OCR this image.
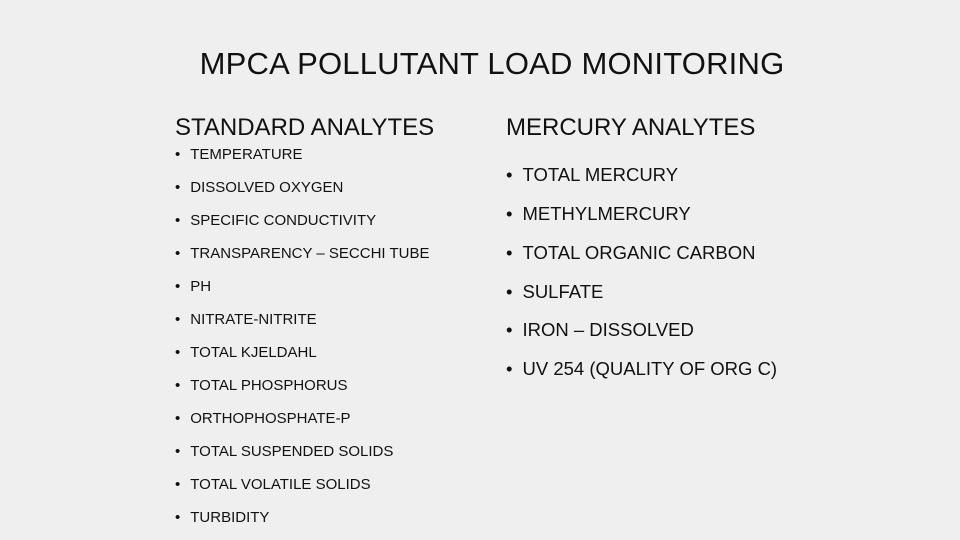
MPCA POLLUTANT LOAD MONITORING
STANDARD ANALYTES	MERCURY ANALYTES
• TEMPERATURE
• DISSOLVED OXYGEN
• SPECIFIC CONDUCTIVITY
• TRANSPARENCY – SECCHI TUBE
• PH
• NITRATE-NITRITE
• TOTAL KJELDAHL
• TOTAL PHOSPHORUS
• ORTHOPHOSPHATE-P
• TOTAL SUSPENDED SOLIDS
• TOTAL VOLATILE SOLIDS
• TURBIDITY
• TOTAL MERCURY
• METHYLMERCURY
• TOTAL ORGANIC CARBON
• SULFATE
• IRON – DISSOLVED
• UV 254 (QUALITY OF ORG C)
